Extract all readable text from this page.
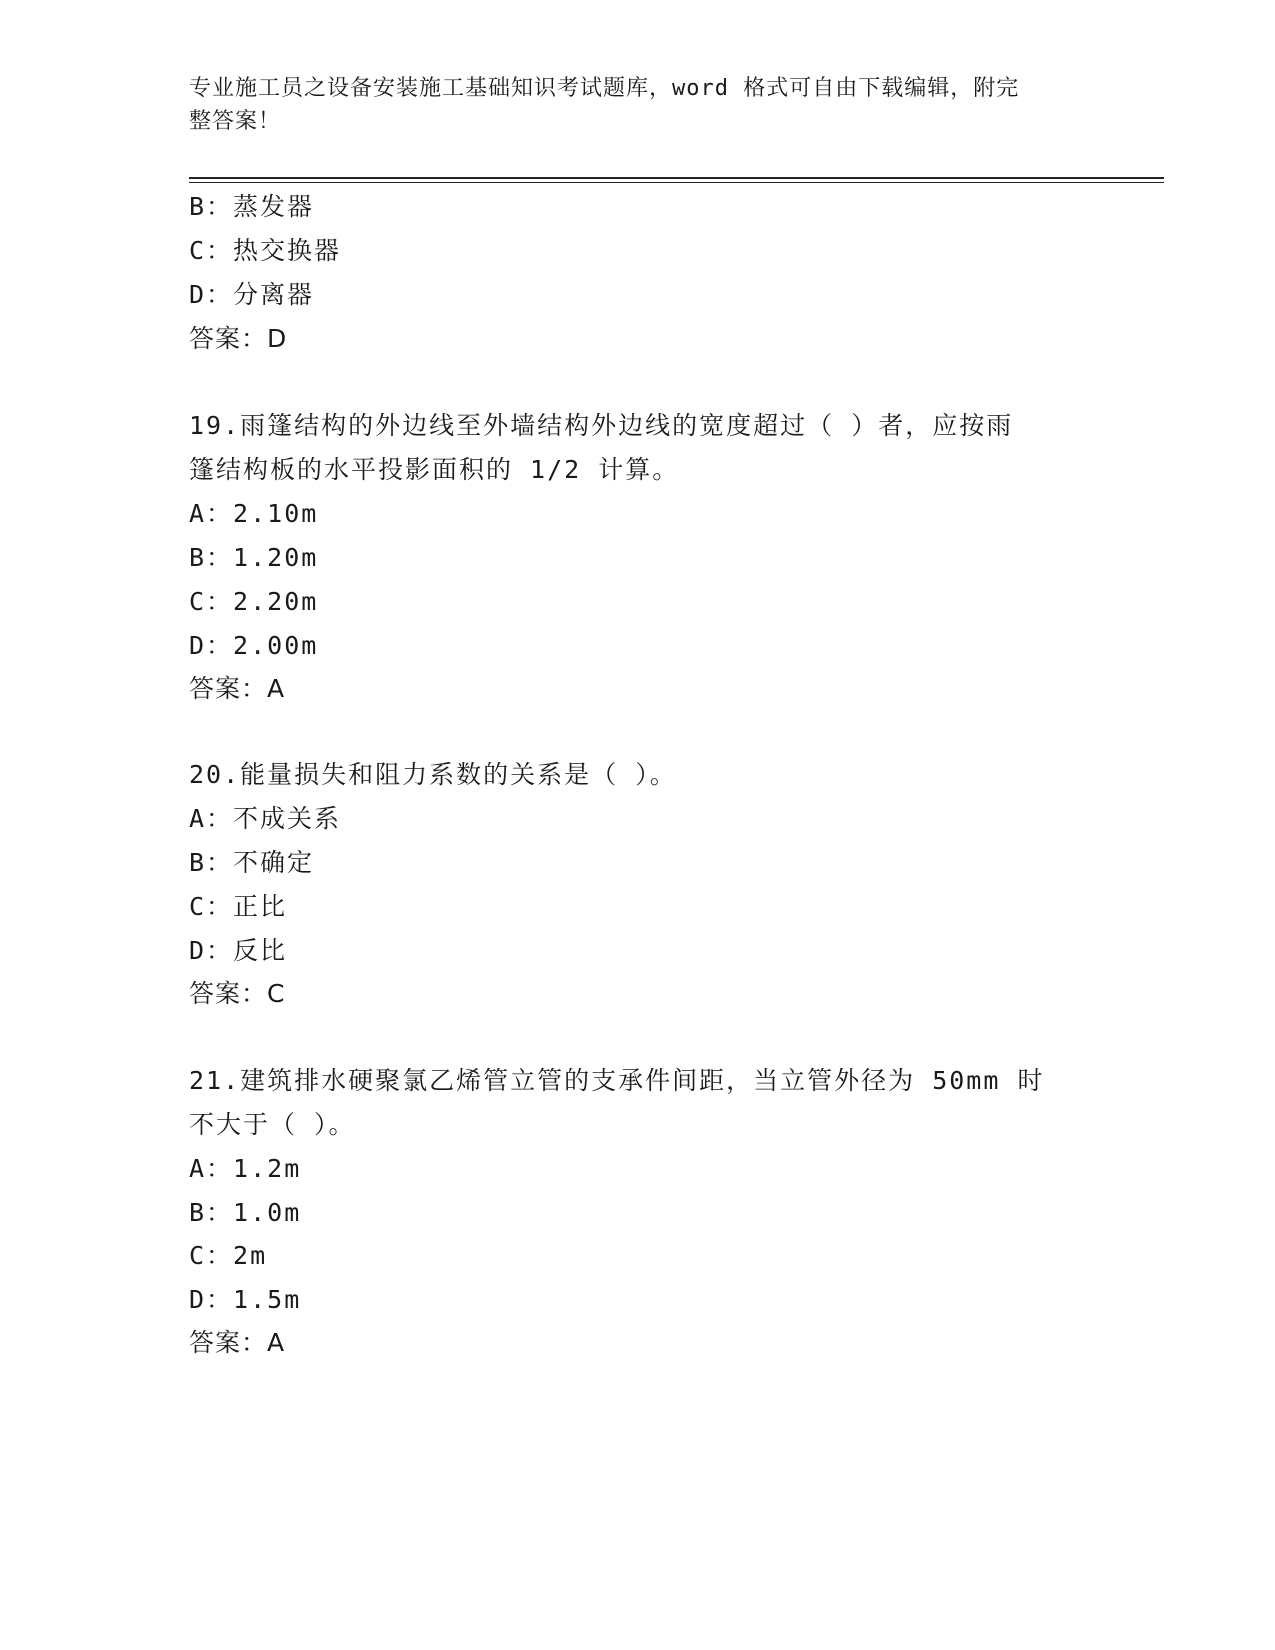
专业施工员之设备安装施工基础知识考试题库，word 格式可自由下载编辑，附完
整答案！
B：蒸发器
C：热交换器
D：分离器
答案：D
19.雨篷结构的外边线至外墙结构外边线的宽度超过（ ）者，应按雨
篷结构板的水平投影面积的 1/2 计算。
A：2.10m
B：1.20m
C：2.20m
D：2.00m
答案：A
20.能量损失和阻力系数的关系是（ ）。
A：不成关系
B：不确定
C：正比
D：反比
答案：C
21.建筑排水硬聚氯乙烯管立管的支承件间距，当立管外径为 50mm 时
不大于（ ）。
A：1.2m
B：1.0m
C：2m
D：1.5m
答案：A
